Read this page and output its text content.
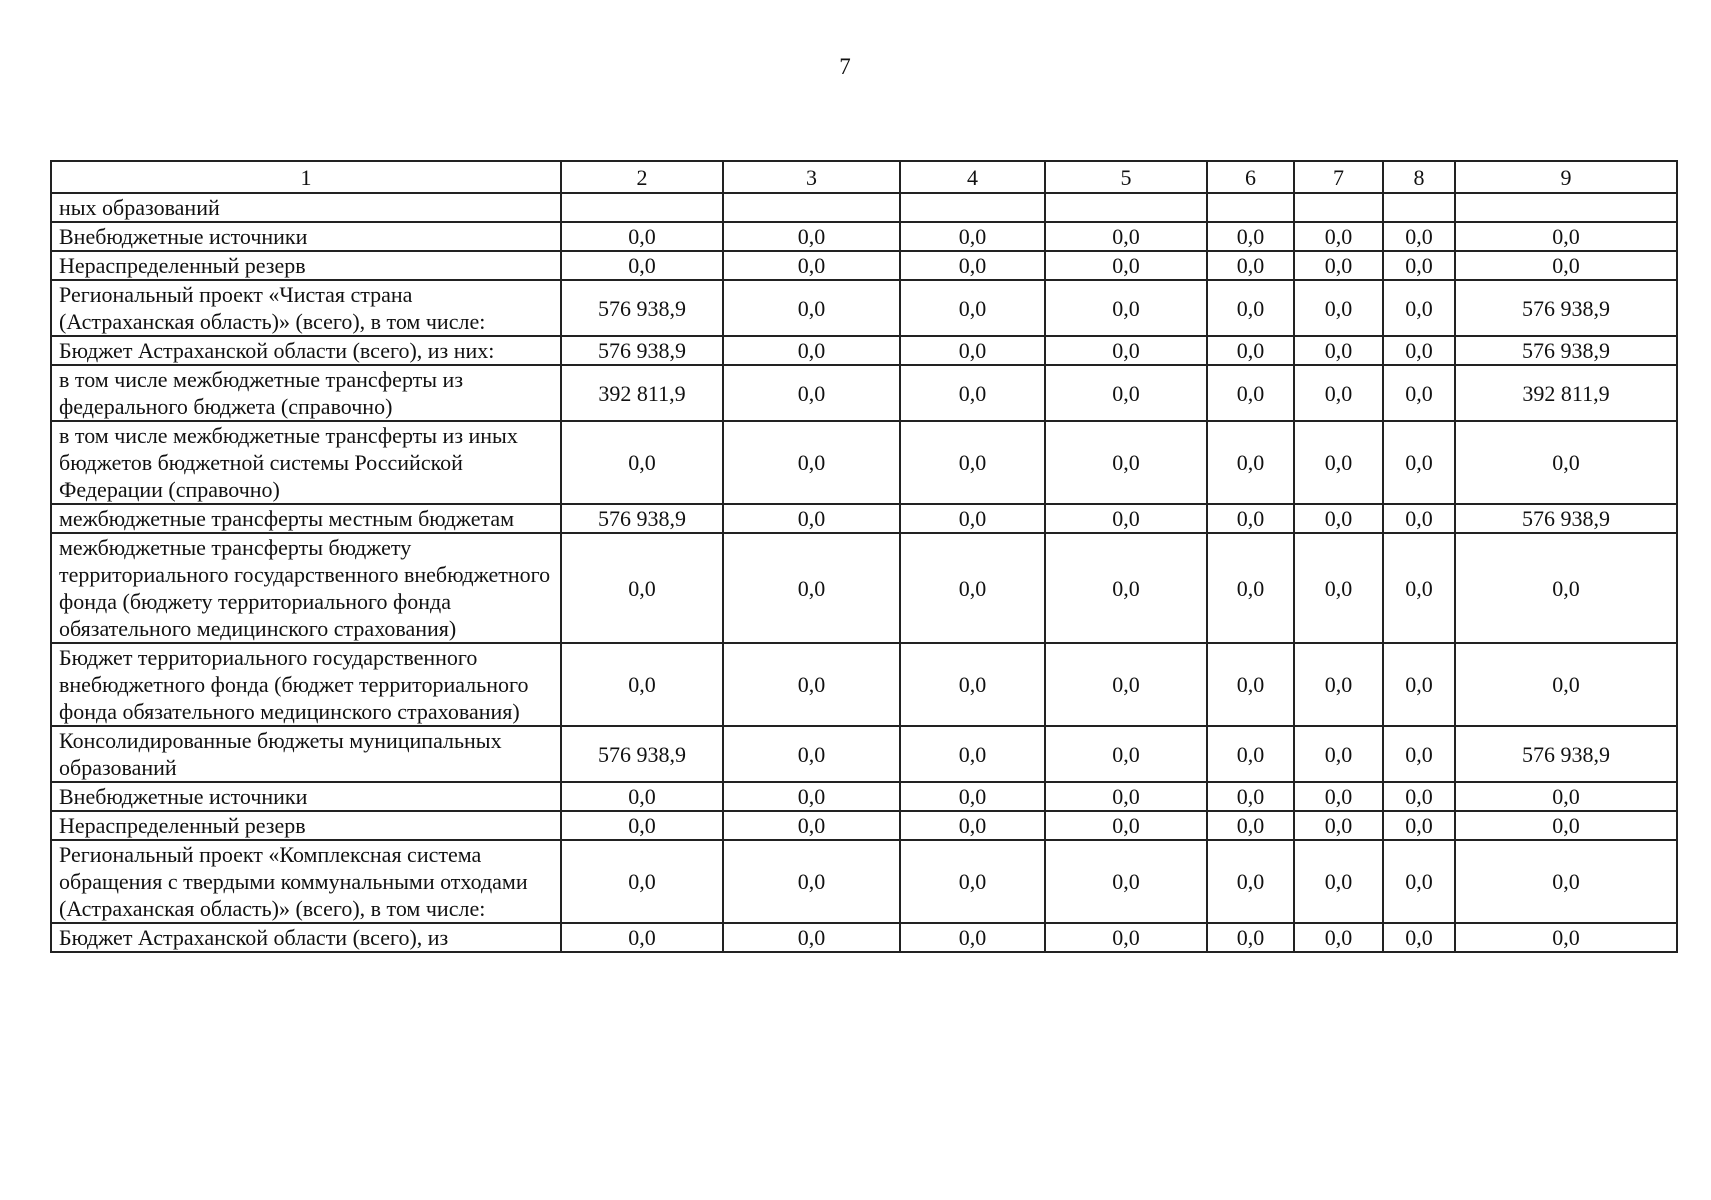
7
1	2	3	4	5	6	7	8	9
ных образований								
Внебюджетные источники	0,0	0,0	0,0	0,0	0,0	0,0	0,0	0,0
Нераспределенный резерв	0,0	0,0	0,0	0,0	0,0	0,0	0,0	0,0
Региональный проект «Чистая страна (Астраханская область)» (всего), в том числе:	576 938,9	0,0	0,0	0,0	0,0	0,0	0,0	576 938,9
Бюджет Астраханской области (всего), из них:	576 938,9	0,0	0,0	0,0	0,0	0,0	0,0	576 938,9
в том числе межбюджетные трансферты из федерального бюджета (справочно)	392 811,9	0,0	0,0	0,0	0,0	0,0	0,0	392 811,9
в том числе межбюджетные трансферты из иных бюджетов бюджетной системы Российской Федерации (справочно)	0,0	0,0	0,0	0,0	0,0	0,0	0,0	0,0
межбюджетные трансферты местным бюджетам	576 938,9	0,0	0,0	0,0	0,0	0,0	0,0	576 938,9
межбюджетные трансферты бюджету территориального государственного внебюджетного фонда (бюджету территориального фонда обязательного медицинского страхования)	0,0	0,0	0,0	0,0	0,0	0,0	0,0	0,0
Бюджет территориального государственного внебюджетного фонда (бюджет территориального фонда обязательного медицинского страхования)	0,0	0,0	0,0	0,0	0,0	0,0	0,0	0,0
Консолидированные бюджеты муниципальных образований	576 938,9	0,0	0,0	0,0	0,0	0,0	0,0	576 938,9
Внебюджетные источники	0,0	0,0	0,0	0,0	0,0	0,0	0,0	0,0
Нераспределенный резерв	0,0	0,0	0,0	0,0	0,0	0,0	0,0	0,0
Региональный проект «Комплексная система обращения с твердыми коммунальными отходами (Астраханская область)» (всего), в том числе:	0,0	0,0	0,0	0,0	0,0	0,0	0,0	0,0
Бюджет Астраханской области (всего), из	0,0	0,0	0,0	0,0	0,0	0,0	0,0	0,0
